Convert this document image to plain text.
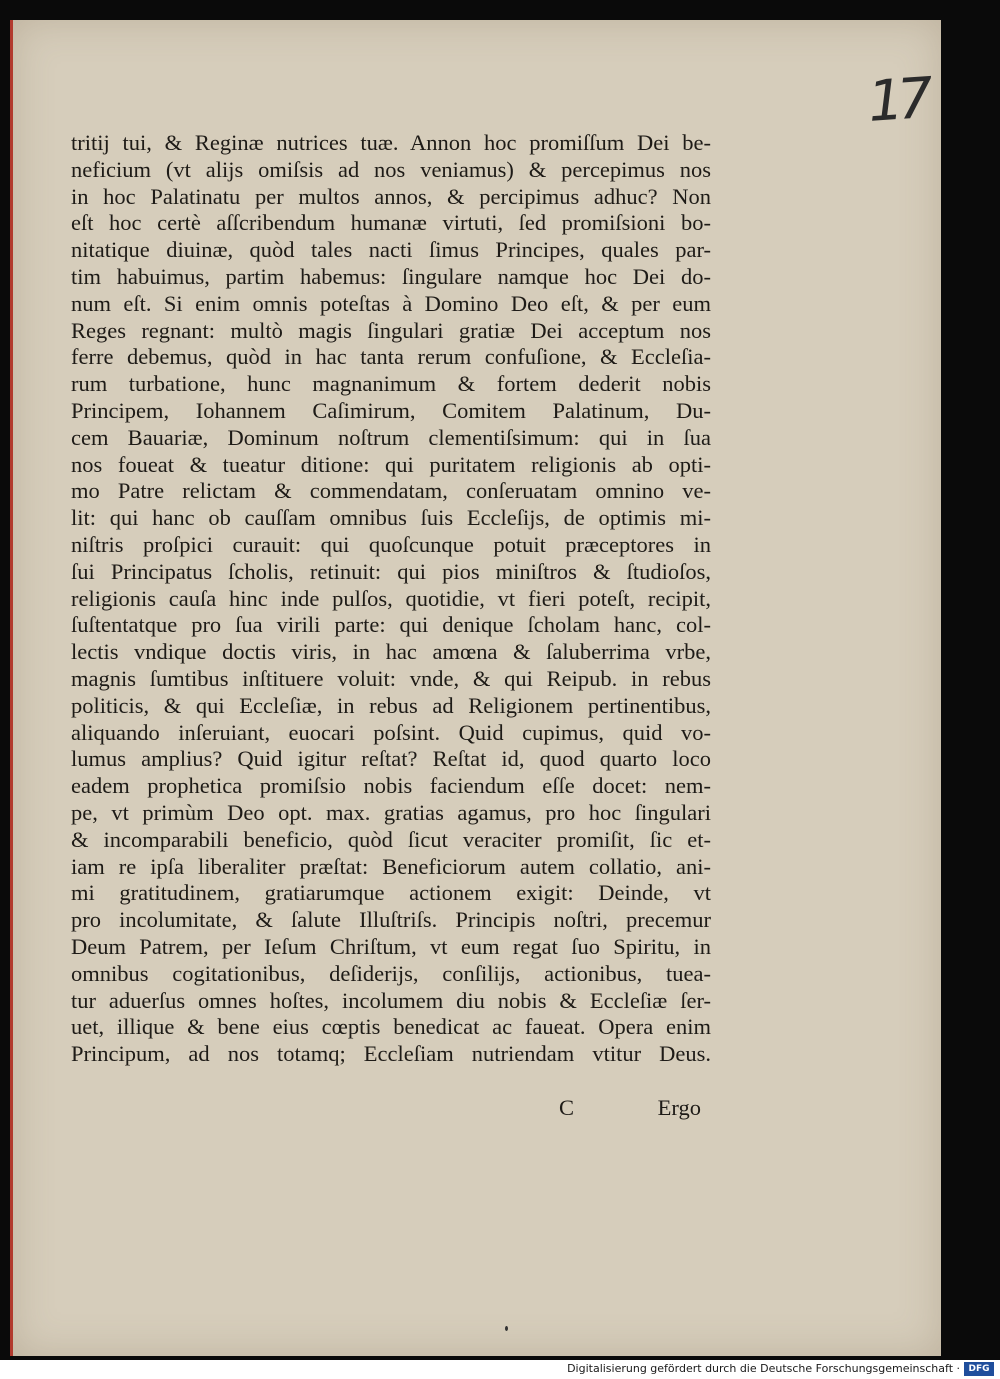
17
tritij tui, & Reginæ nutrices tuæ. Annon hoc promiſſum Dei be-
neficium (vt alijs omiſsis ad nos veniamus) & percepimus nos
in hoc Palatinatu per multos annos, & percipimus adhuc? Non
eſt hoc certè aſſcribendum humanæ virtuti, ſed promiſsioni bo-
nitatique diuinæ, quòd tales nacti ſimus Principes, quales par-
tim habuimus, partim habemus: ſingulare namque hoc Dei do-
num eſt. Si enim omnis poteſtas à Domino Deo eſt, & per eum
Reges regnant: multò magis ſingulari gratiæ Dei acceptum nos
ferre debemus, quòd in hac tanta rerum confuſione, & Eccleſia-
rum turbatione, hunc magnanimum & fortem dederit nobis
Principem, Iohannem Caſimirum, Comitem Palatinum, Du-
cem Bauariæ, Dominum noſtrum clementiſsimum: qui in ſua
nos foueat & tueatur ditione: qui puritatem religionis ab opti-
mo Patre relictam & commendatam, conſeruatam omnino ve-
lit: qui hanc ob cauſſam omnibus ſuis Eccleſijs, de optimis mi-
niſtris proſpici curauit: qui quoſcunque potuit præceptores in
ſui Principatus ſcholis, retinuit: qui pios miniſtros & ſtudioſos,
religionis cauſa hinc inde pulſos, quotidie, vt fieri poteſt, recipit,
ſuſtentatque pro ſua virili parte: qui denique ſcholam hanc, col-
lectis vndique doctis viris, in hac amœna & ſaluberrima vrbe,
magnis ſumtibus inſtituere voluit: vnde, & qui Reipub. in rebus
politicis, & qui Eccleſiæ, in rebus ad Religionem pertinentibus,
aliquando inſeruiant, euocari poſsint. Quid cupimus, quid vo-
lumus amplius? Quid igitur reſtat? Reſtat id, quod quarto loco
eadem prophetica promiſsio nobis faciendum eſſe docet: nem-
pe, vt primùm Deo opt. max. gratias agamus, pro hoc ſingulari
& incomparabili beneficio, quòd ſicut veraciter promiſit, ſic et-
iam re ipſa liberaliter præſtat: Beneficiorum autem collatio, ani-
mi gratitudinem, gratiarumque actionem exigit: Deinde, vt
pro incolumitate, & ſalute Illuſtriſs. Principis noſtri, precemur
Deum Patrem, per Ieſum Chriſtum, vt eum regat ſuo Spiritu, in
omnibus cogitationibus, deſiderijs, conſilijs, actionibus, tuea-
tur aduerſus omnes hoſtes, incolumem diu nobis & Eccleſiæ ſer-
uet, illique & bene eius cœptis benedicat ac faueat. Opera enim
Principum, ad nos totamq; Eccleſiam nutriendam vtitur Deus.
C	Ergo
Digitalisierung gefördert durch die Deutsche Forschungsgemeinschaft · DFG
